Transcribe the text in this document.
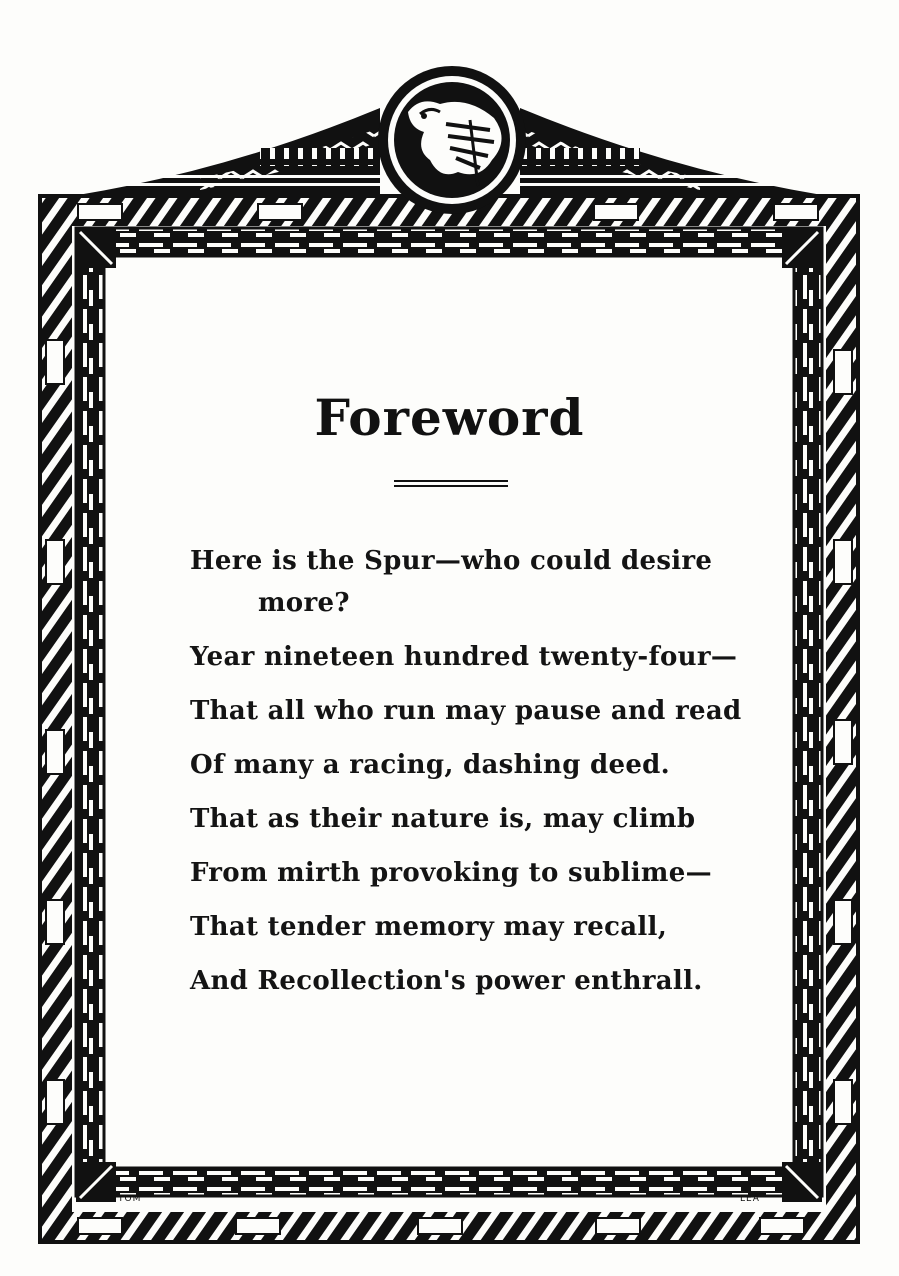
Foreword
Here is the Spur—who could desire
more?
Year nineteen hundred twenty-four—
That all who run may pause and read
Of many a racing, dashing deed.
That as their nature is, may climb
From mirth provoking to sublime—
That tender memory may recall,
And Recollection's power enthrall.
TOM	LEA
